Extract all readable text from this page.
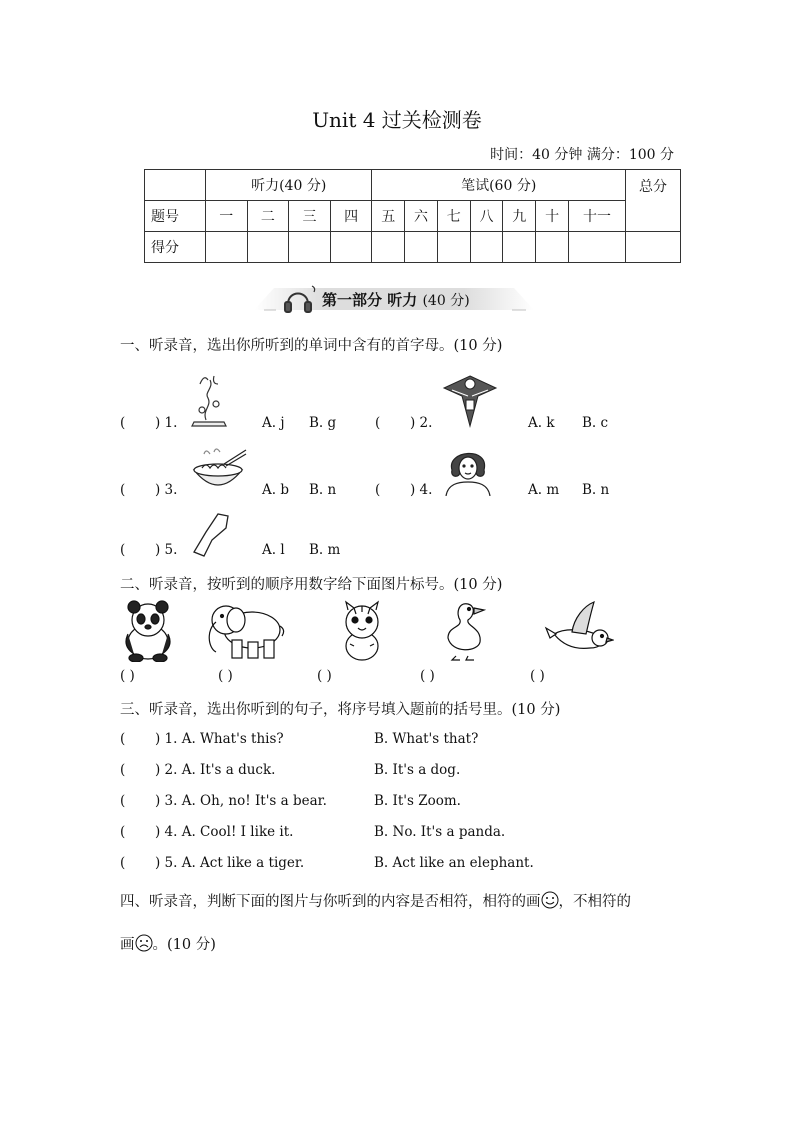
Unit 4 过关检测卷
时间：40 分钟 满分：100 分
	听力(40 分)				笔试(60 分)							总分
题号	一	二	三	四	五	六	七	八	九	十	十一	
得分												
第一部分 听力 (40 分)
一、听录音，选出你所听到的单词中含有的首字母。(10 分)
( ) 1.	A. j B. g	( ) 2.	A. k B. c
( ) 3.	A. b B. n	( ) 4.	A. m B. n
( ) 5.	A. l B. m
二、听录音，按听到的顺序用数字给下面图片标号。(10 分)
( )	( )	( )	( )	( )
三、听录音，选出你听到的句子，将序号填入题前的括号里。(10 分)
( ) 1. A. What's this?	B. What's that?
( ) 2. A. It's a duck.	B. It's a dog.
( ) 3. A. Oh, no! It's a bear.	B. It's Zoom.
( ) 4. A. Cool! I like it.	B. No. It's a panda.
( ) 5. A. Act like a tiger.	B. Act like an elephant.
四、听录音，判断下面的图片与你听到的内容是否相符，相符的画 ，不相符的
画 。(10 分)
